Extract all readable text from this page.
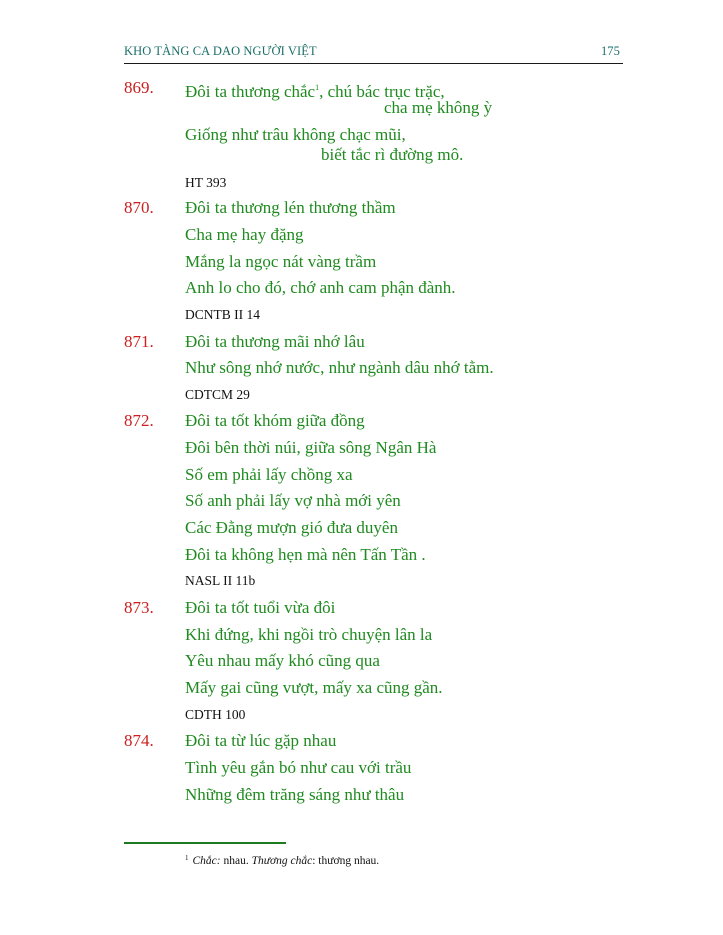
KHO TÀNG CA DAO NGƯỜI VIỆT	175
869. Đôi ta thương chắc$^1$, chú bác trục trặc,
cha mẹ không ỳ
Giống như trâu không chạc mũi,
biết tắc rì đường mô.
HT 393
870. Đôi ta thương lén thương thầm
Cha mẹ hay đặng
Mắng la ngọc nát vàng trầm
Anh lo cho đó, chớ anh cam phận đành.
DCNTB II 14
871. Đôi ta thương mãi nhớ lâu
Như sông nhớ nước, như ngành dâu nhớ tằm.
CDTCM 29
872. Đôi ta tốt khóm giữa đồng
Đôi bên thời núi, giữa sông Ngân Hà
Số em phải lấy chồng xa
Số anh phải lấy vợ nhà mới yên
Các Đằng mượn gió đưa duyên
Đôi ta không hẹn mà nên Tấn Tần .
NASL II 11b
873. Đôi ta tốt tuổi vừa đôi
Khi đứng, khi ngồi trò chuyện lân la
Yêu nhau mấy khó cũng qua
Mấy gai cũng vượt, mấy xa cũng gần.
CDTH 100
874. Đôi ta từ lúc gặp nhau
Tình yêu gắn bó như cau với trầu
Những đêm trăng sáng như thâu
$^1$ Chắc: nhau. Thương chắc: thương nhau.
